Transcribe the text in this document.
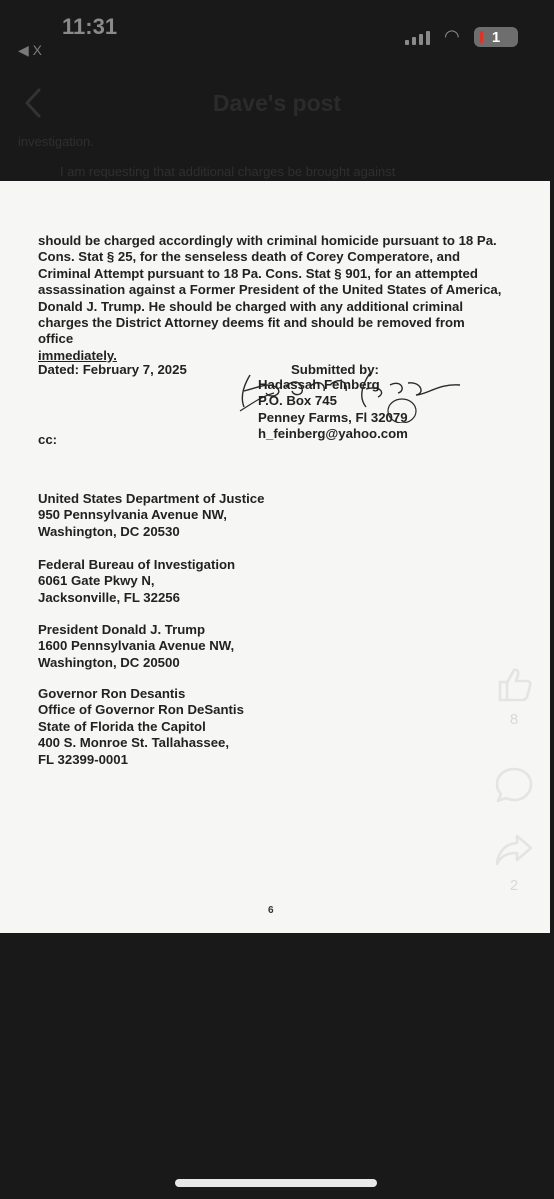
11:31
◀ X
◠ 1
Dave's post
investigation.
I am requesting that additional charges be brought against
should be charged accordingly with criminal homicide pursuant to 18 Pa.
Cons. Stat § 25, for the senseless death of Corey Comperatore, and
Criminal Attempt pursuant to 18 Pa. Cons. Stat § 901, for an attempted
assassination against a Former President of the United States of America,
Donald J. Trump. He should be charged with any additional criminal
charges the District Attorney deems fit and should be removed from office
immediately.
Dated: February 7, 2025	Submitted by:
Hadassah Feinberg
P.O. Box 745
Penney Farms, Fl 32079
h_feinberg@yahoo.com
cc:
United States Department of Justice
950 Pennsylvania Avenue NW,
Washington, DC 20530
Federal Bureau of Investigation
6061 Gate Pkwy N,
Jacksonville, FL 32256
President Donald J. Trump
1600 Pennsylvania Avenue NW,
Washington, DC 20500
Governor Ron Desantis
Office of Governor Ron DeSantis
State of Florida the Capitol
400 S. Monroe St. Tallahassee,
FL 32399-0001
6
8
2
